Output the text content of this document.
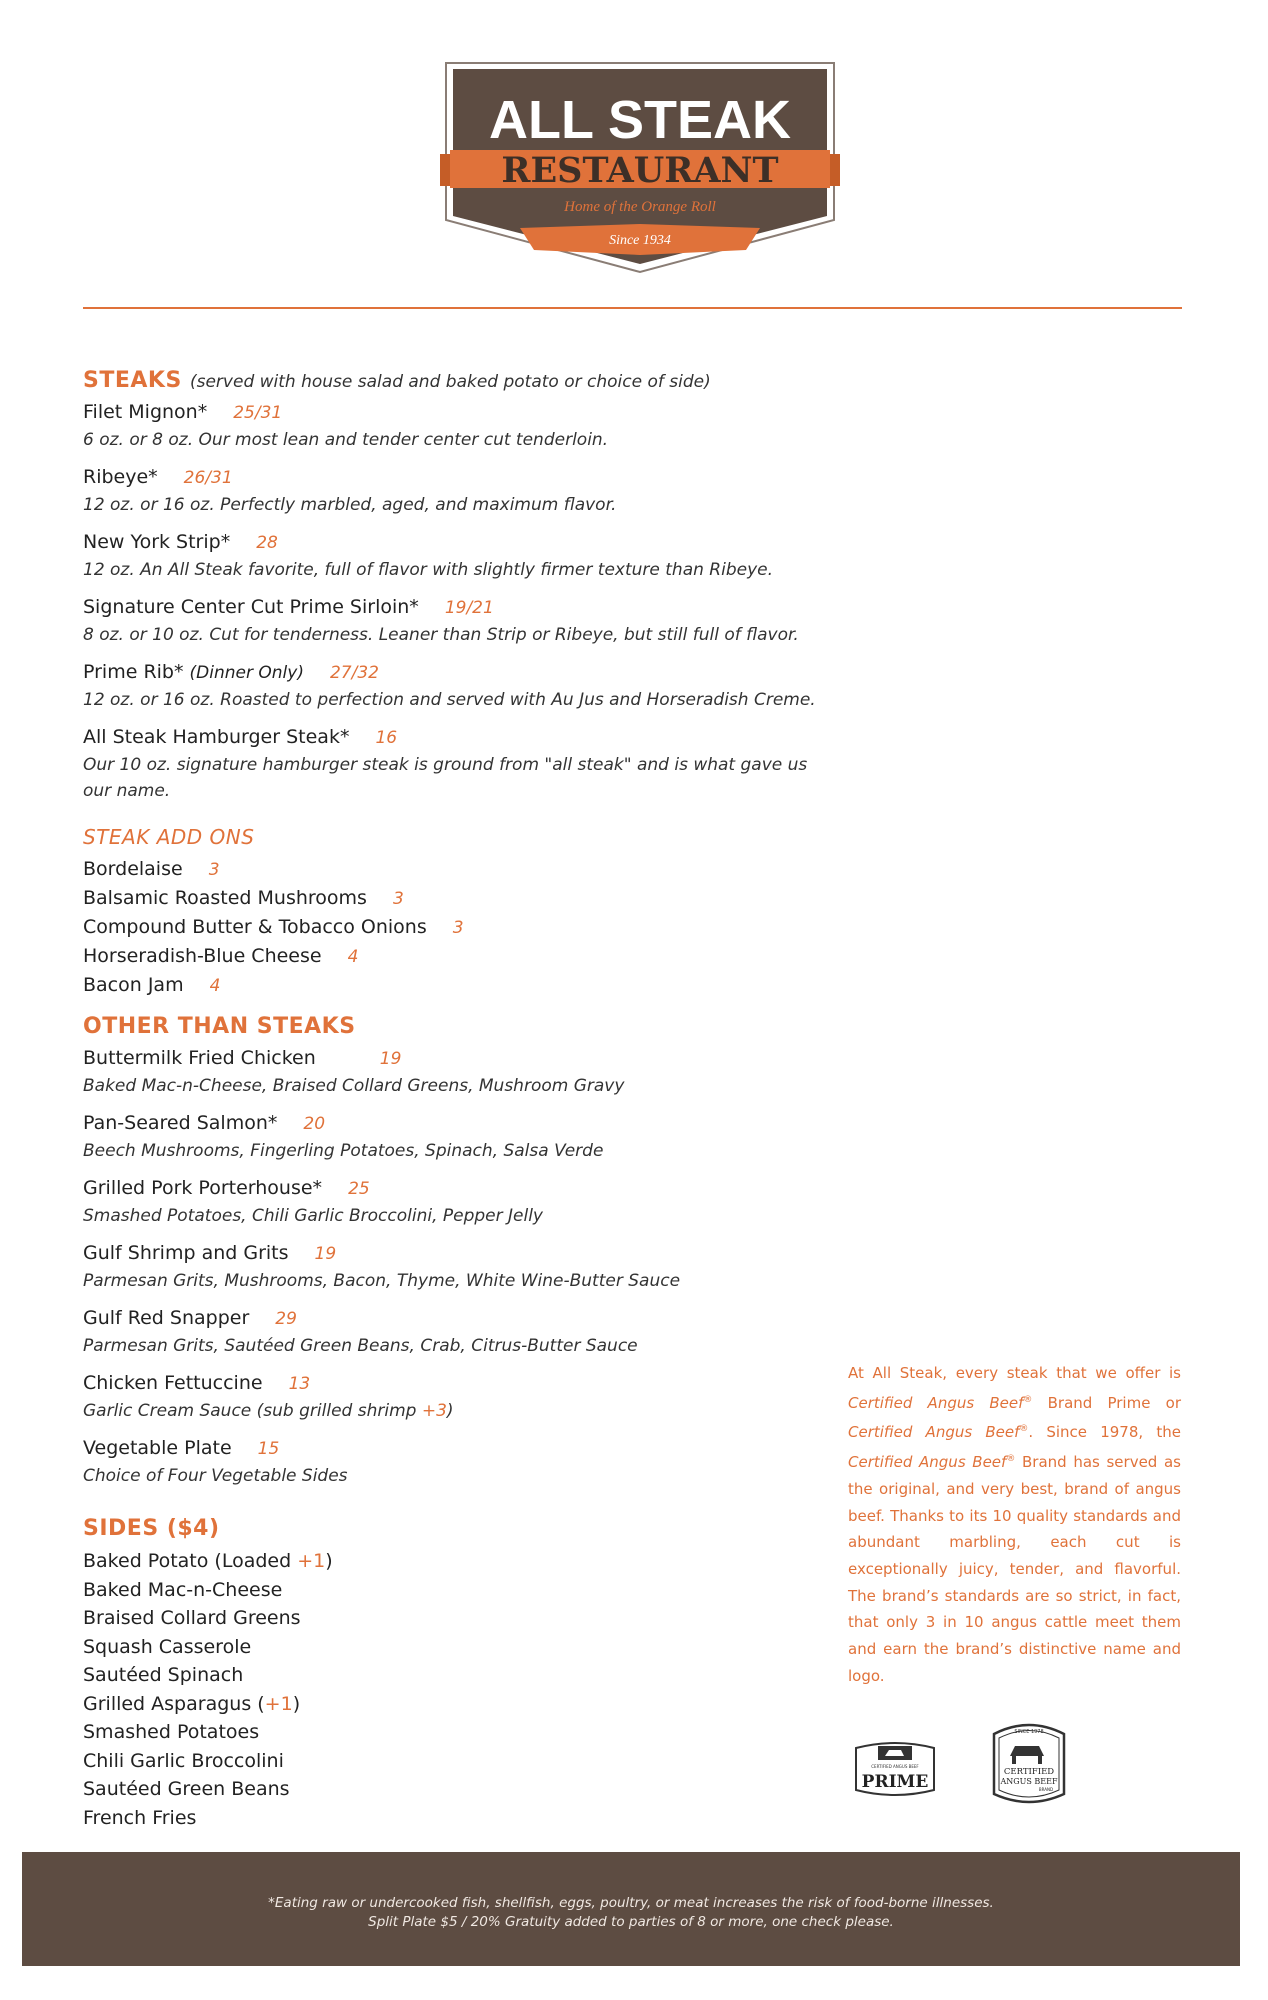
ALL STEAK
RESTAURANT
Home of the Orange Roll
Since 1934
STEAKS (served with house salad and baked potato or choice of side)
Filet Mignon* 25/31
6 oz. or 8 oz. Our most lean and tender center cut tenderloin.
Ribeye* 26/31
12 oz. or 16 oz. Perfectly marbled, aged, and maximum flavor.
New York Strip* 28
12 oz. An All Steak favorite, full of flavor with slightly firmer texture than Ribeye.
Signature Center Cut Prime Sirloin* 19/21
8 oz. or 10 oz. Cut for tenderness. Leaner than Strip or Ribeye, but still full of flavor.
Prime Rib* (Dinner Only) 27/32
12 oz. or 16 oz. Roasted to perfection and served with Au Jus and Horseradish Creme.
All Steak Hamburger Steak* 16
Our 10 oz. signature hamburger steak is ground from "all steak" and is what gave us our name.
STEAK ADD ONS
Bordelaise 3
Balsamic Roasted Mushrooms 3
Compound Butter & Tobacco Onions 3
Horseradish-Blue Cheese 4
Bacon Jam 4
OTHER THAN STEAKS
Buttermilk Fried Chicken	19
Baked Mac-n-Cheese, Braised Collard Greens, Mushroom Gravy
Pan-Seared Salmon* 20
Beech Mushrooms, Fingerling Potatoes, Spinach, Salsa Verde
Grilled Pork Porterhouse* 25
Smashed Potatoes, Chili Garlic Broccolini, Pepper Jelly
Gulf Shrimp and Grits 19
Parmesan Grits, Mushrooms, Bacon, Thyme, White Wine-Butter Sauce
Gulf Red Snapper 29
Parmesan Grits, Sautéed Green Beans, Crab, Citrus-Butter Sauce
Chicken Fettuccine 13
Garlic Cream Sauce (sub grilled shrimp +3)
Vegetable Plate 15
Choice of Four Vegetable Sides
SIDES ($4)
Baked Potato (Loaded +1)
Baked Mac-n-Cheese
Braised Collard Greens
Squash Casserole
Sautéed Spinach
Grilled Asparagus (+1)
Smashed Potatoes
Chili Garlic Broccolini
Sautéed Green Beans
French Fries
At All Steak, every steak that we offer is Certified Angus Beef® Brand Prime or Certified Angus Beef®. Since 1978, the Certified Angus Beef® Brand has served as the original, and very best, brand of angus beef. Thanks to its 10 quality standards and abundant marbling, each cut is exceptionally juicy, tender, and flavorful. The brand’s standards are so strict, in fact, that only 3 in 10 angus cattle meet them and earn the brand’s distinctive name and logo.
CERTIFIED ANGUS BEEF
PRIME
SINCE 1978
CERTIFIED
ANGUS BEEF
BRAND
*Eating raw or undercooked fish, shellfish, eggs, poultry, or meat increases the risk of food-borne illnesses.
Split Plate $5 / 20% Gratuity added to parties of 8 or more, one check please.
